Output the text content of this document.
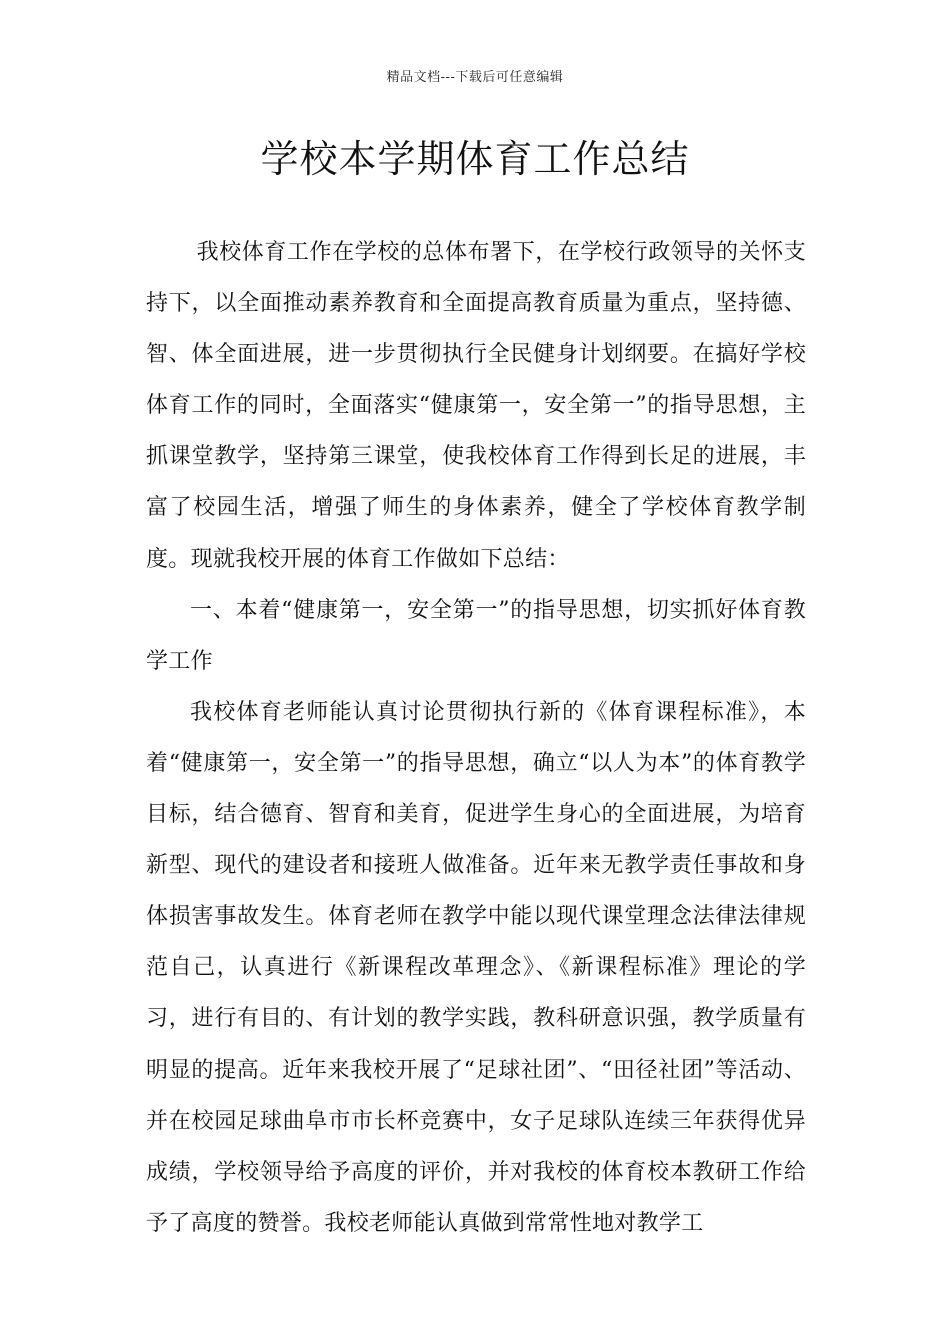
精品文档---下载后可任意编辑
学校本学期体育工作总结

我校体育工作在学校的总体布署下，在学校行政领导的关怀支持下，以全面推动素养教育和全面提高教育质量为重点，坚持德、智、体全面进展，进一步贯彻执行全民健身计划纲要。在搞好学校体育工作的同时，全面落实“健康第一，安全第一”的指导思想，主抓课堂教学，坚持第三课堂，使我校体育工作得到长足的进展，丰富了校园生活，增强了师生的身体素养，健全了学校体育教学制度。现就我校开展的体育工作做如下总结：

一、本着“健康第一，安全第一”的指导思想，切实抓好体育教学工作

我校体育老师能认真讨论贯彻执行新的《体育课程标准》，本着“健康第一，安全第一”的指导思想，确立“以人为本”的体育教学目标，结合德育、智育和美育，促进学生身心的全面进展，为培育新型、现代的建设者和接班人做准备。近年来无教学责任事故和身体损害事故发生。体育老师在教学中能以现代课堂理念法律法律规范自己，认真进行《新课程改革理念》、《新课程标准》理论的学习，进行有目的、有计划的教学实践，教科研意识强，教学质量有明显的提高。近年来我校开展了“足球社团”、“田径社团”等活动、并在校园足球曲阜市市长杯竞赛中，女子足球队连续三年获得优异成绩，学校领导给予高度的评价，并对我校的体育校本教研工作给予了高度的赞誉。我校老师能认真做到常常性地对教学工
